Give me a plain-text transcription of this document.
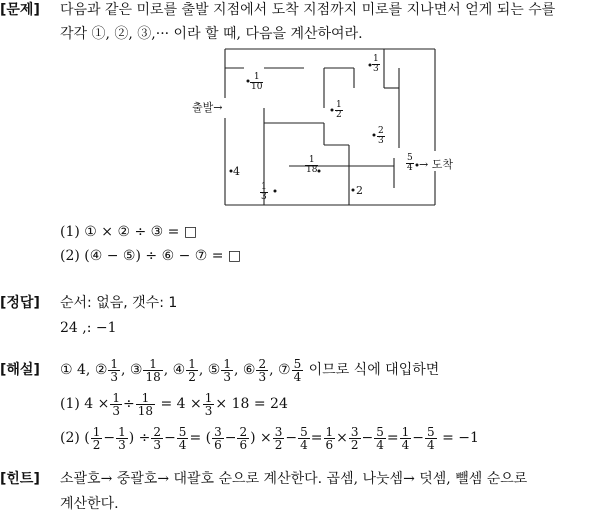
[문제] 다음과 같은 미로를 출발 지점에서 도착 지점까지 미로를 지나면서 얻게 되는 수를
각각 ①, ②, ③,··· 이라 할 때, 다음을 계산하여라.
출발→
→ 도착
1
10
1
3
1
2
2
3
1
18
5
4
4
1
3	2
(1) ① × ② ÷ ③ = □
(2) (④ − ⑤) ÷ ⑥ − ⑦ = □
[정답] 순서: 없음, 갯수: 1
24 ,: −1
[해설] ① 4,
② $\frac{1}{3}$ , ③ $\frac{1}{18}$ , ④ $\frac{1}{2}$ , ⑤ $\frac{1}{3}$ , ⑥ $\frac{2}{3}$ , ⑦ $\frac{5}{4}$
이므로 식에 대입하면
(1) $4 \times \frac{1}{3} \div \frac{1}{18}$
= $4 \times \frac{1}{3} \times 18 = 24$
(2) ( $\frac{1}{2} - \frac{1}{3}$ ) ÷ $\frac{2}{3} - \frac{5}{4}$ = ( $\frac{3}{6} - \frac{2}{6}$ ) × $\frac{3}{2} - \frac{5}{4} = \frac{1}{6} \times \frac{3}{2} - \frac{5}{4} = \frac{1}{4} - \frac{5}{4}$
= −1
[힌트] 소괄호→ 중괄호→ 대괄호 순으로 계산한다. 곱셈, 나눗셈→ 덧셈, 뺄셈 순으로
계산한다.
